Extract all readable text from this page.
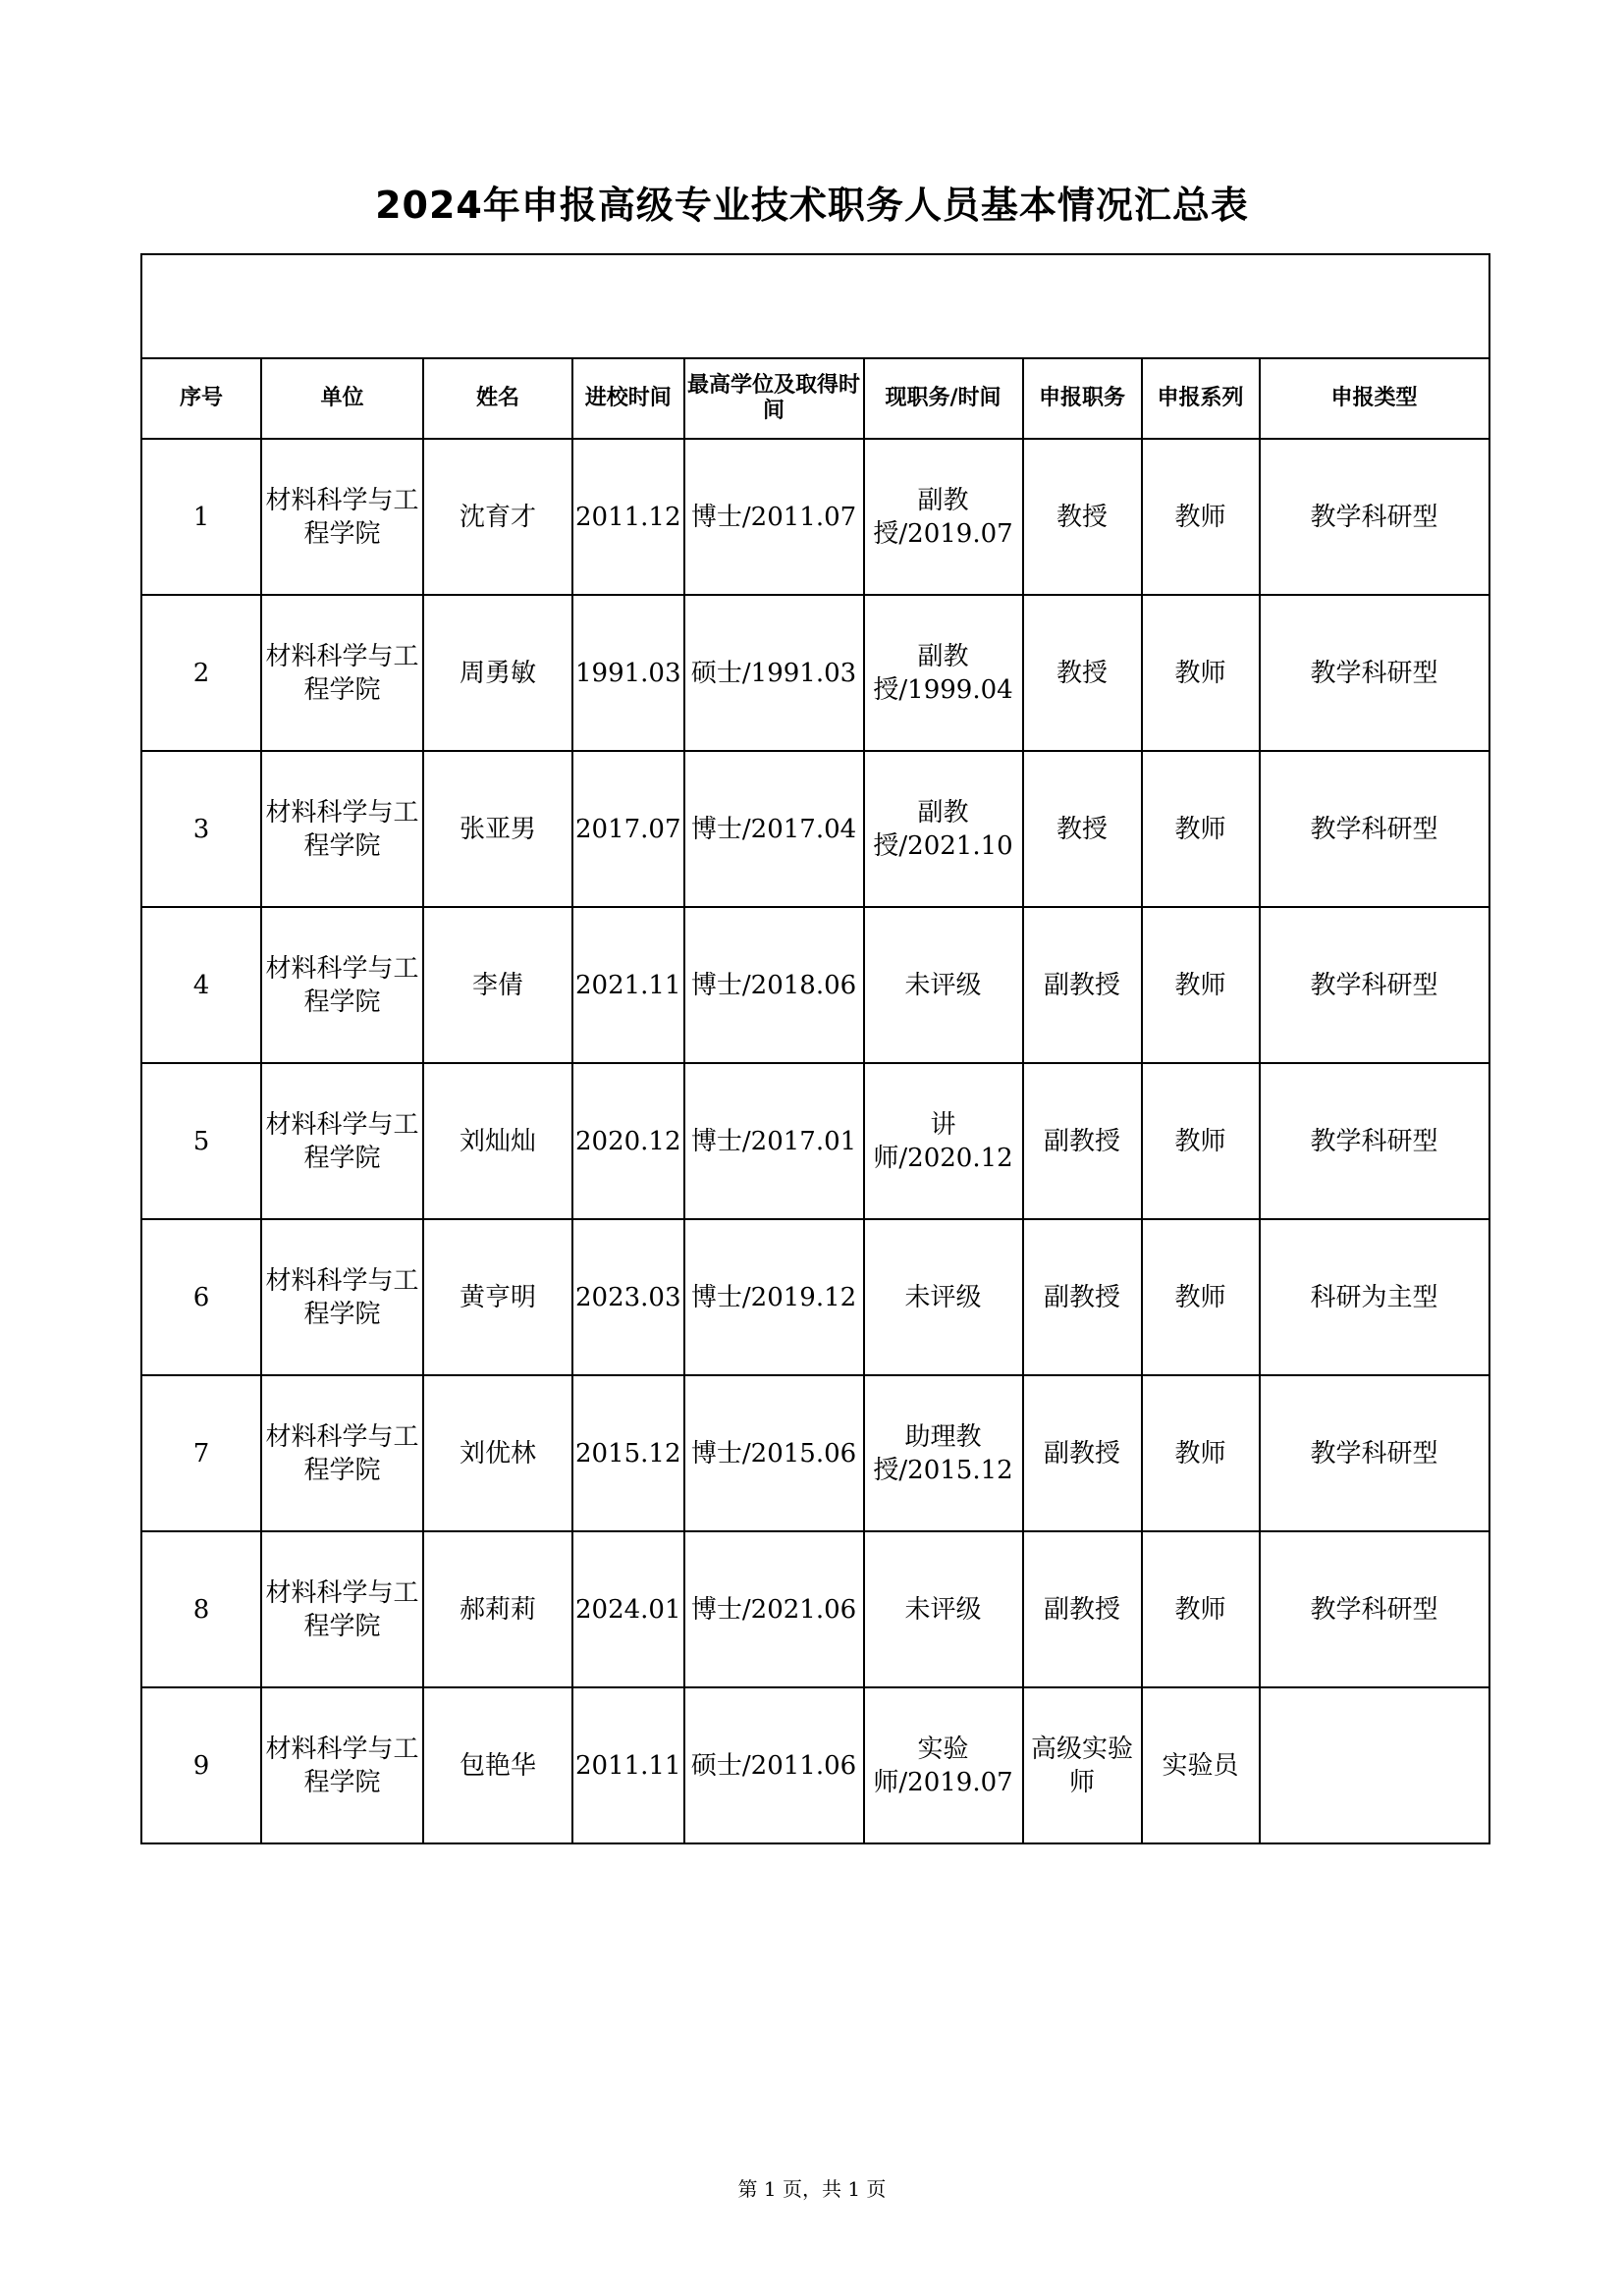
2024年申报高级专业技术职务人员基本情况汇总表

序号	单位	姓名	进校时间	最高学位及取得时间	现职务/时间	申报职务	申报系列	申报类型

1	材料科学与工程学院	沈育才	2011.12	博士/2011.07	副教授/2019.07	教授	教师	教学科研型

2	材料科学与工程学院	周勇敏	1991.03	硕士/1991.03	副教授/1999.04	教授	教师	教学科研型

3	材料科学与工程学院	张亚男	2017.07	博士/2017.04	副教授/2021.10	教授	教师	教学科研型

4	材料科学与工程学院	李倩	2021.11	博士/2018.06	未评级	副教授	教师	教学科研型

5	材料科学与工程学院	刘灿灿	2020.12	博士/2017.01	讲师/2020.12	副教授	教师	教学科研型

6	材料科学与工程学院	黄亨明	2023.03	博士/2019.12	未评级	副教授	教师	科研为主型

7	材料科学与工程学院	刘优林	2015.12	博士/2015.06	助理教授/2015.12	副教授	教师	教学科研型

8	材料科学与工程学院	郝莉莉	2024.01	博士/2021.06	未评级	副教授	教师	教学科研型

9	材料科学与工程学院	包艳华	2011.11	硕士/2011.06	实验师/2019.07	高级实验师	实验员	

第 1 页，共 1 页
